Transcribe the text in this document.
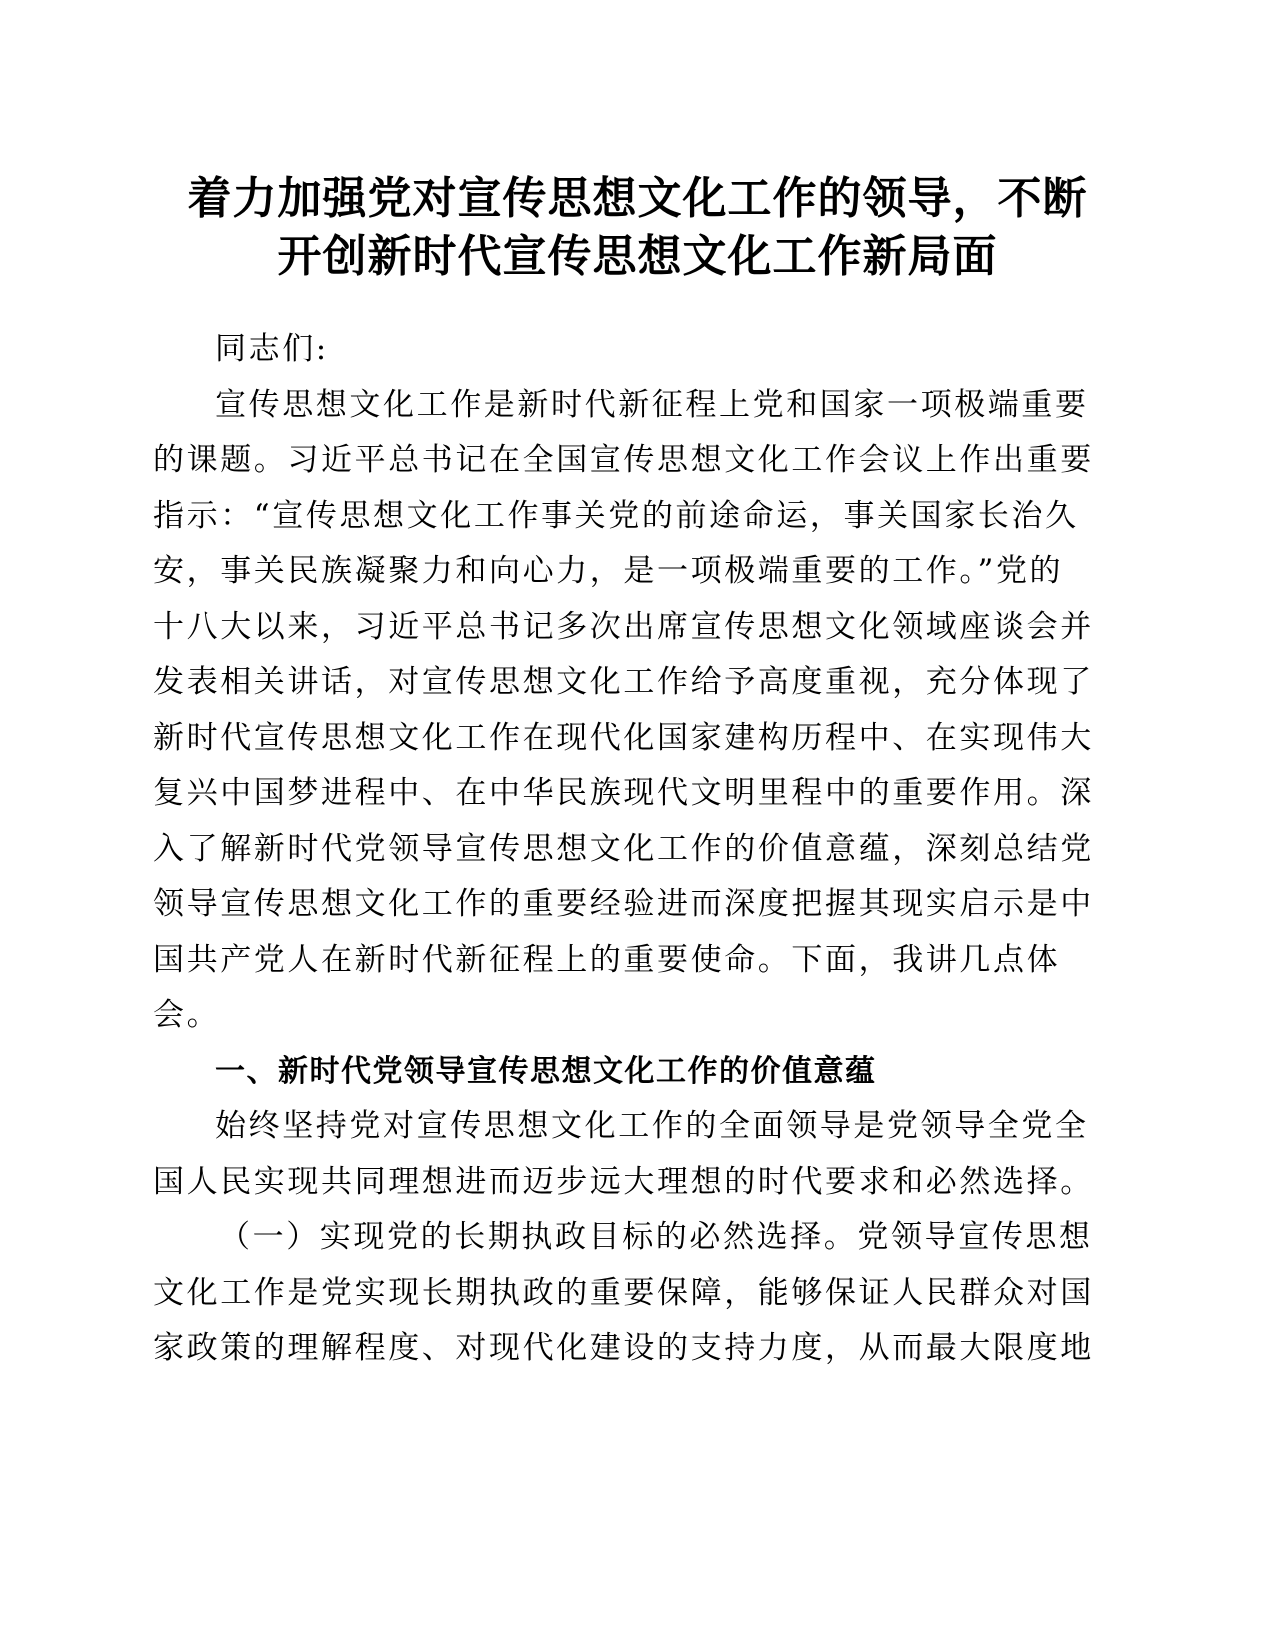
着力加强党对宣传思想文化工作的领导，不断
开创新时代宣传思想文化工作新局面
同志们:
宣传思想文化工作是新时代新征程上党和国家一项极端重要
的课题。习近平总书记在全国宣传思想文化工作会议上作出重要
指示：“宣传思想文化工作事关党的前途命运，事关国家长治久
安，事关民族凝聚力和向心力，是一项极端重要的工作。”党的
十八大以来，习近平总书记多次出席宣传思想文化领域座谈会并
发表相关讲话，对宣传思想文化工作给予高度重视，充分体现了
新时代宣传思想文化工作在现代化国家建构历程中、在实现伟大
复兴中国梦进程中、在中华民族现代文明里程中的重要作用。深
入了解新时代党领导宣传思想文化工作的价值意蕴，深刻总结党
领导宣传思想文化工作的重要经验进而深度把握其现实启示是中
国共产党人在新时代新征程上的重要使命。下面，我讲几点体
会。
一、新时代党领导宣传思想文化工作的价值意蕴
始终坚持党对宣传思想文化工作的全面领导是党领导全党全
国人民实现共同理想进而迈步远大理想的时代要求和必然选择。
（一）实现党的长期执政目标的必然选择。党领导宣传思想
文化工作是党实现长期执政的重要保障，能够保证人民群众对国
家政策的理解程度、对现代化建设的支持力度，从而最大限度地
